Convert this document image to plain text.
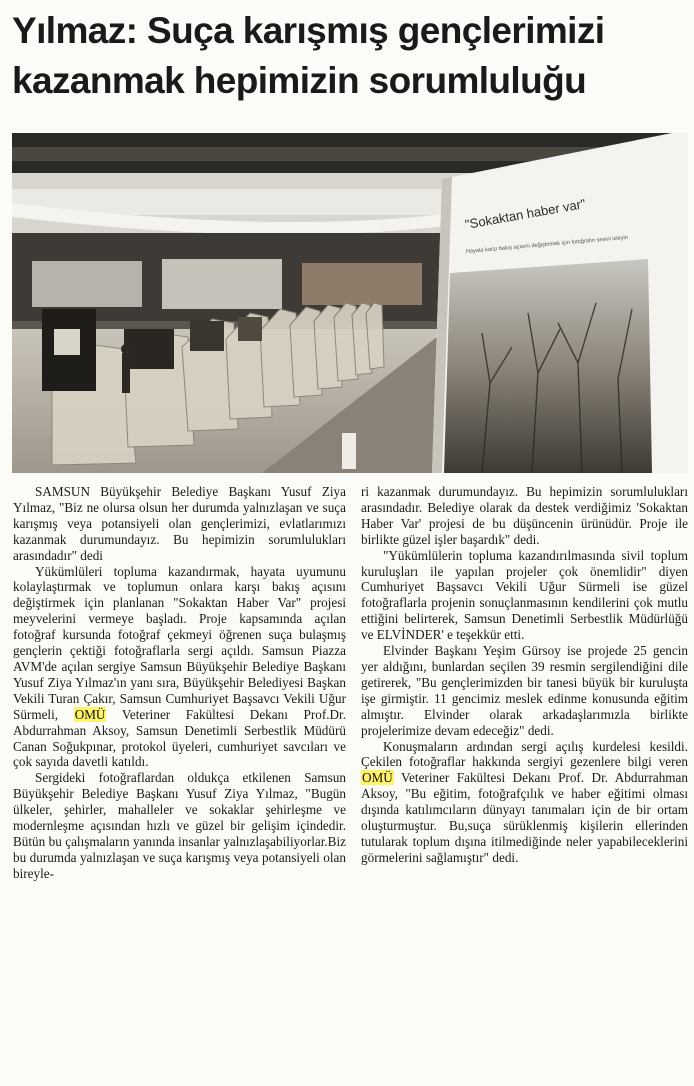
Yılmaz: Suça karışmış gençlerimizi kazanmak hepimizin sorumluluğu
"Sokaktan haber var"
Hayata karşı bakış açısını değiştirmek için fotoğrafın sesini izleyin

SAMSUN Büyükşehir Belediye Başkanı Yusuf Ziya Yılmaz, "Biz ne olursa olsun her durumda yalnızlaşan ve suça karışmış veya potansiyeli olan gençlerimizi, evlatlarımızı kazanmak durumundayız. Bu hepimizin sorumlulukları arasındadır" dedi

Yükümlüleri topluma kazandırmak, hayata uyumunu kolaylaştırmak ve toplumun onlara karşı bakış açısını değiştirmek için planlanan "Sokaktan Haber Var" projesi meyvelerini vermeye başladı. Proje kapsamında açılan fotoğraf kursunda fotoğraf çekmeyi öğrenen suça bulaşmış gençlerin çektiği fotoğraflarla sergi açıldı. Samsun Piazza AVM'de açılan sergiye Samsun Büyükşehir Belediye Başkanı Yusuf Ziya Yılmaz'ın yanı sıra, Büyükşehir Belediyesi Başkan Vekili Turan Çakır, Samsun Cumhuriyet Başsavcı Vekili Uğur Sürmeli, OMÜ Veteriner Fakültesi Dekanı Prof.Dr. Abdurrahman Aksoy, Samsun Denetimli Serbestlik Müdürü Canan Soğukpınar, protokol üyeleri, cumhuriyet savcıları ve çok sayıda davetli katıldı.

Sergideki fotoğraflardan oldukça etkilenen Samsun Büyükşehir Belediye Başkanı Yusuf Ziya Yılmaz, "Bugün ülkeler, şehirler, mahalleler ve sokaklar şehirleşme ve modernleşme açısından hızlı ve güzel bir gelişim içindedir. Bütün bu çalışmaların yanında insanlar yalnızlaşabiliyorlar.Biz bu durumda yalnızlaşan ve suça karışmış veya potansiyeli olan bireyle-

ri kazanmak durumundayız. Bu hepimizin sorumlulukları arasındadır. Belediye olarak da destek verdiğimiz 'Sokaktan Haber Var' projesi de bu düşüncenin ürünüdür. Proje ile birlikte güzel işler başardık" dedi.

"Yükümlülerin topluma kazandırılmasında sivil toplum kuruluşları ile yapılan projeler çok önemlidir" diyen Cumhuriyet Başsavcı Vekili Uğur Sürmeli ise güzel fotoğraflarla projenin sonuçlanmasının kendilerini çok mutlu ettiğini belirterek, Samsun Denetimli Serbestlik Müdürlüğü ve ELVİNDER' e teşekkür etti.

Elvinder Başkanı Yeşim Gürsoy ise projede 25 gencin yer aldığını, bunlardan seçilen 39 resmin sergilendiğini dile getirerek, "Bu gençlerimizden bir tanesi büyük bir kuruluşta işe girmiştir. 11 gencimiz meslek edinme konusunda eğitim almıştır. Elvinder olarak arkadaşlarımızla birlikte projelerimize devam edeceğiz" dedi.

Konuşmaların ardından sergi açılış kurdelesi kesildi. Çekilen fotoğraflar hakkında sergiyi gezenlere bilgi veren OMÜ Veteriner Fakültesi Dekanı Prof. Dr. Abdurrahman Aksoy, "Bu eğitim, fotoğrafçılık ve haber eğitimi olması dışında katılımcıların dünyayı tanımaları için de bir ortam oluşturmuştur. Bu,suça sürüklenmiş kişilerin ellerinden tutularak toplum dışına itilmediğinde neler yapabileceklerini görmelerini sağlamıştır" dedi.
